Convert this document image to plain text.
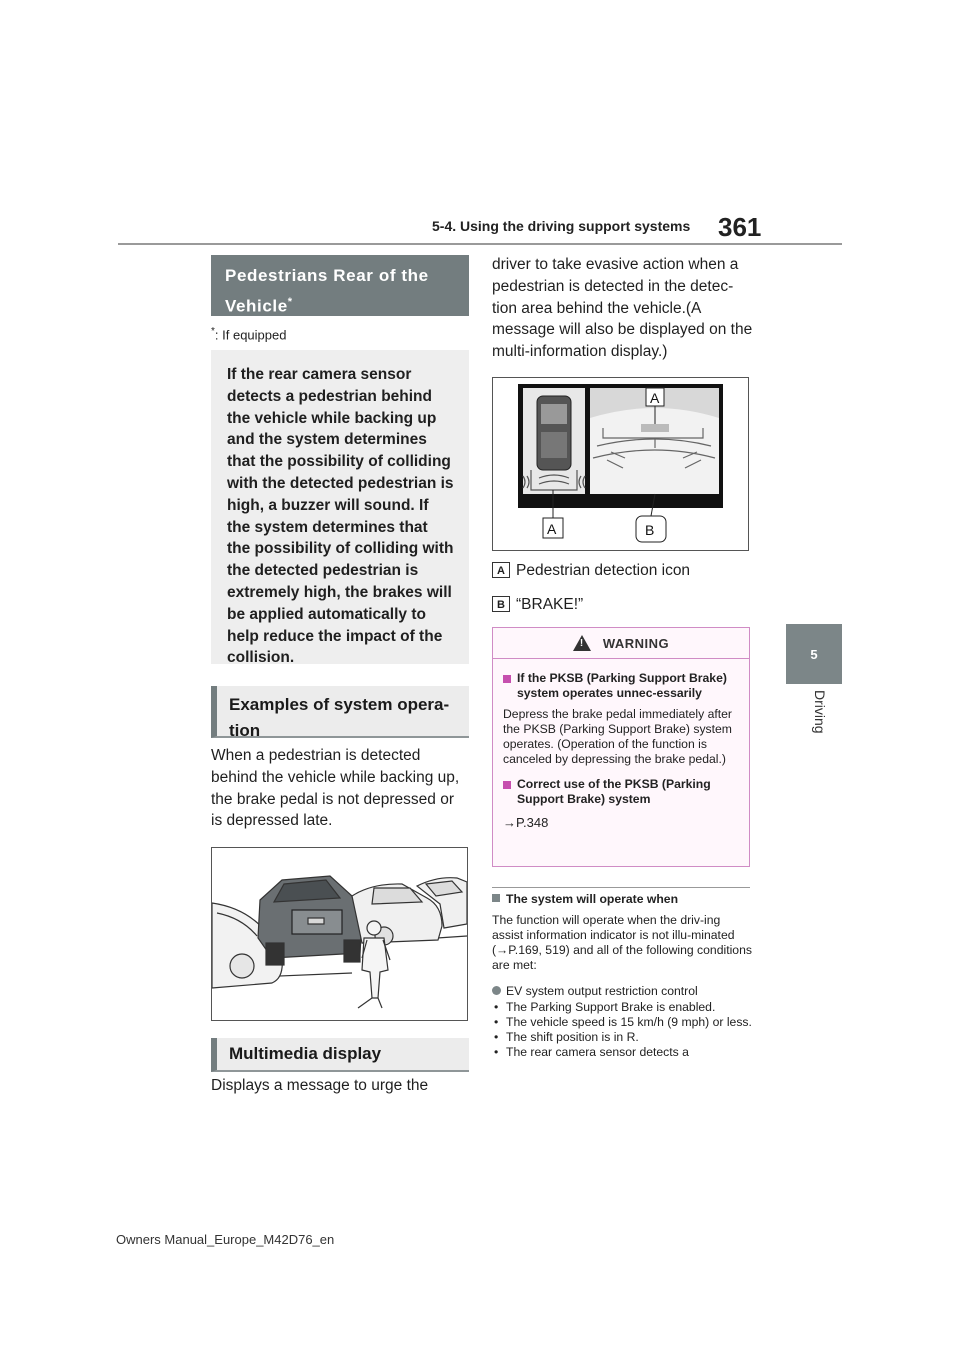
5-4. Using the driving support systems 361
5
Driving
Pedestrians Rear of the
Vehicle*
*: If equipped
If the rear camera sensor detects a pedestrian behind the vehicle while backing up and the system determines that the possibility of colliding with the detected pedestrian is high, a buzzer will sound. If the system determines that the possibility of colliding with the detected pedestrian is extremely high, the brakes will be applied automatically to help reduce the impact of the collision.
Examples of system opera-tion
When a pedestrian is detected behind the vehicle while backing up, the brake pedal is not depressed or is depressed late.
Multimedia display
Displays a message to urge the
driver to take evasive action when a pedestrian is detected in the detec-tion area behind the vehicle.(A message will also be displayed on the multi-information display.)
A
A	B
A Pedestrian detection icon
B “BRAKE!”
! WARNING
If the PKSB (Parking Support Brake) system operates unnec-essarily
Depress the brake pedal immediately after the PKSB (Parking Support Brake) system operates. (Operation of the function is canceled by depressing the brake pedal.)
Correct use of the PKSB (Parking Support Brake) system
→P.348
The system will operate when
The function will operate when the driv-ing assist information indicator is not illu-minated (→P.169, 519) and all of the following conditions are met:
EV system output restriction control
• The Parking Support Brake is enabled.
• The vehicle speed is 15 km/h (9 mph) or less.
• The shift position is in R.
• The rear camera sensor detects a
Owners Manual_Europe_M42D76_en
